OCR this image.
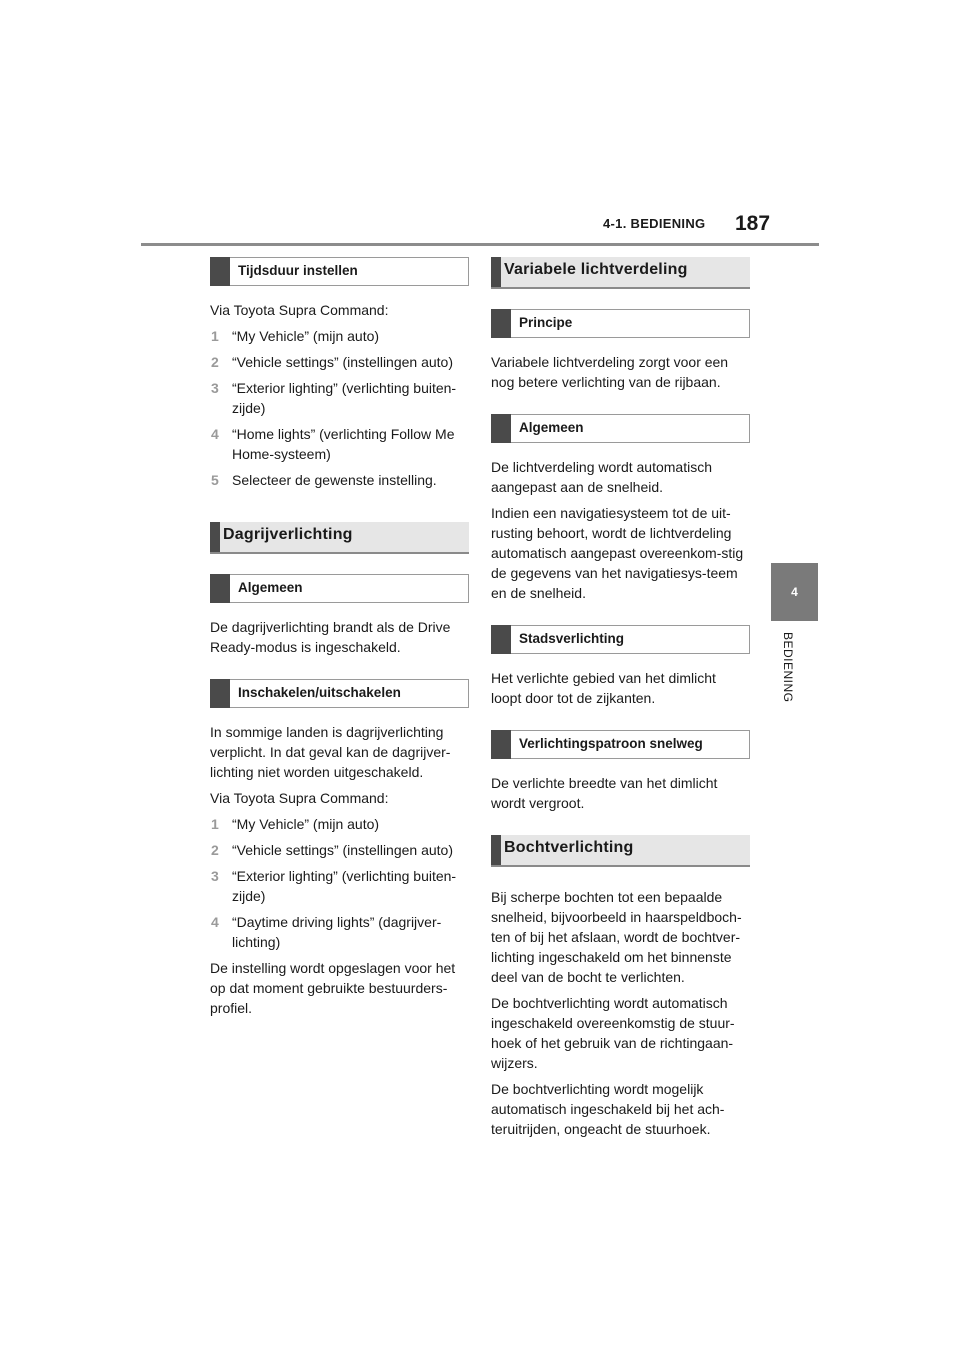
4-1. BEDIENING 187
4
BEDIENING
Tijdsduur instellen

Via Toyota Supra Command:

1 “My Vehicle” (mijn auto)
2 “Vehicle settings” (instellingen auto)
3 “Exterior lighting” (verlichting buiten-zijde)
4 “Home lights” (verlichting Follow Me Home-systeem)
5 Selecteer de gewenste instelling.
Dagrijverlichting
Algemeen

De dagrijverlichting brandt als de Drive Ready-modus is ingeschakeld.

Inschakelen/uitschakelen

In sommige landen is dagrijverlichting verplicht. In dat geval kan de dagrijver-lichting niet worden uitgeschakeld.

Via Toyota Supra Command:

1 “My Vehicle” (mijn auto)
2 “Vehicle settings” (instellingen auto)
3 “Exterior lighting” (verlichting buiten-zijde)
4 “Daytime driving lights” (dagrijver-lichting)

De instelling wordt opgeslagen voor het op dat moment gebruikte bestuurders-profiel.

Variabele lichtverdeling
Principe

Variabele lichtverdeling zorgt voor een nog betere verlichting van de rijbaan.

Algemeen

De lichtverdeling wordt automatisch aangepast aan de snelheid.

Indien een navigatiesysteem tot de uit-rusting behoort, wordt de lichtverdeling automatisch aangepast overeenkom-stig de gegevens van het navigatiesys-teem en de snelheid.

Stadsverlichting

Het verlichte gebied van het dimlicht loopt door tot de zijkanten.

Verlichtingspatroon snelweg

De verlichte breedte van het dimlicht wordt vergroot.

Bochtverlichting

Bij scherpe bochten tot een bepaalde snelheid, bijvoorbeeld in haarspeldboch-ten of bij het afslaan, wordt de bochtver-lichting ingeschakeld om het binnenste deel van de bocht te verlichten.

De bochtverlichting wordt automatisch ingeschakeld overeenkomstig de stuur-hoek of het gebruik van de richtingaan-wijzers.

De bochtverlichting wordt mogelijk automatisch ingeschakeld bij het ach-teruitrijden, ongeacht de stuurhoek.
